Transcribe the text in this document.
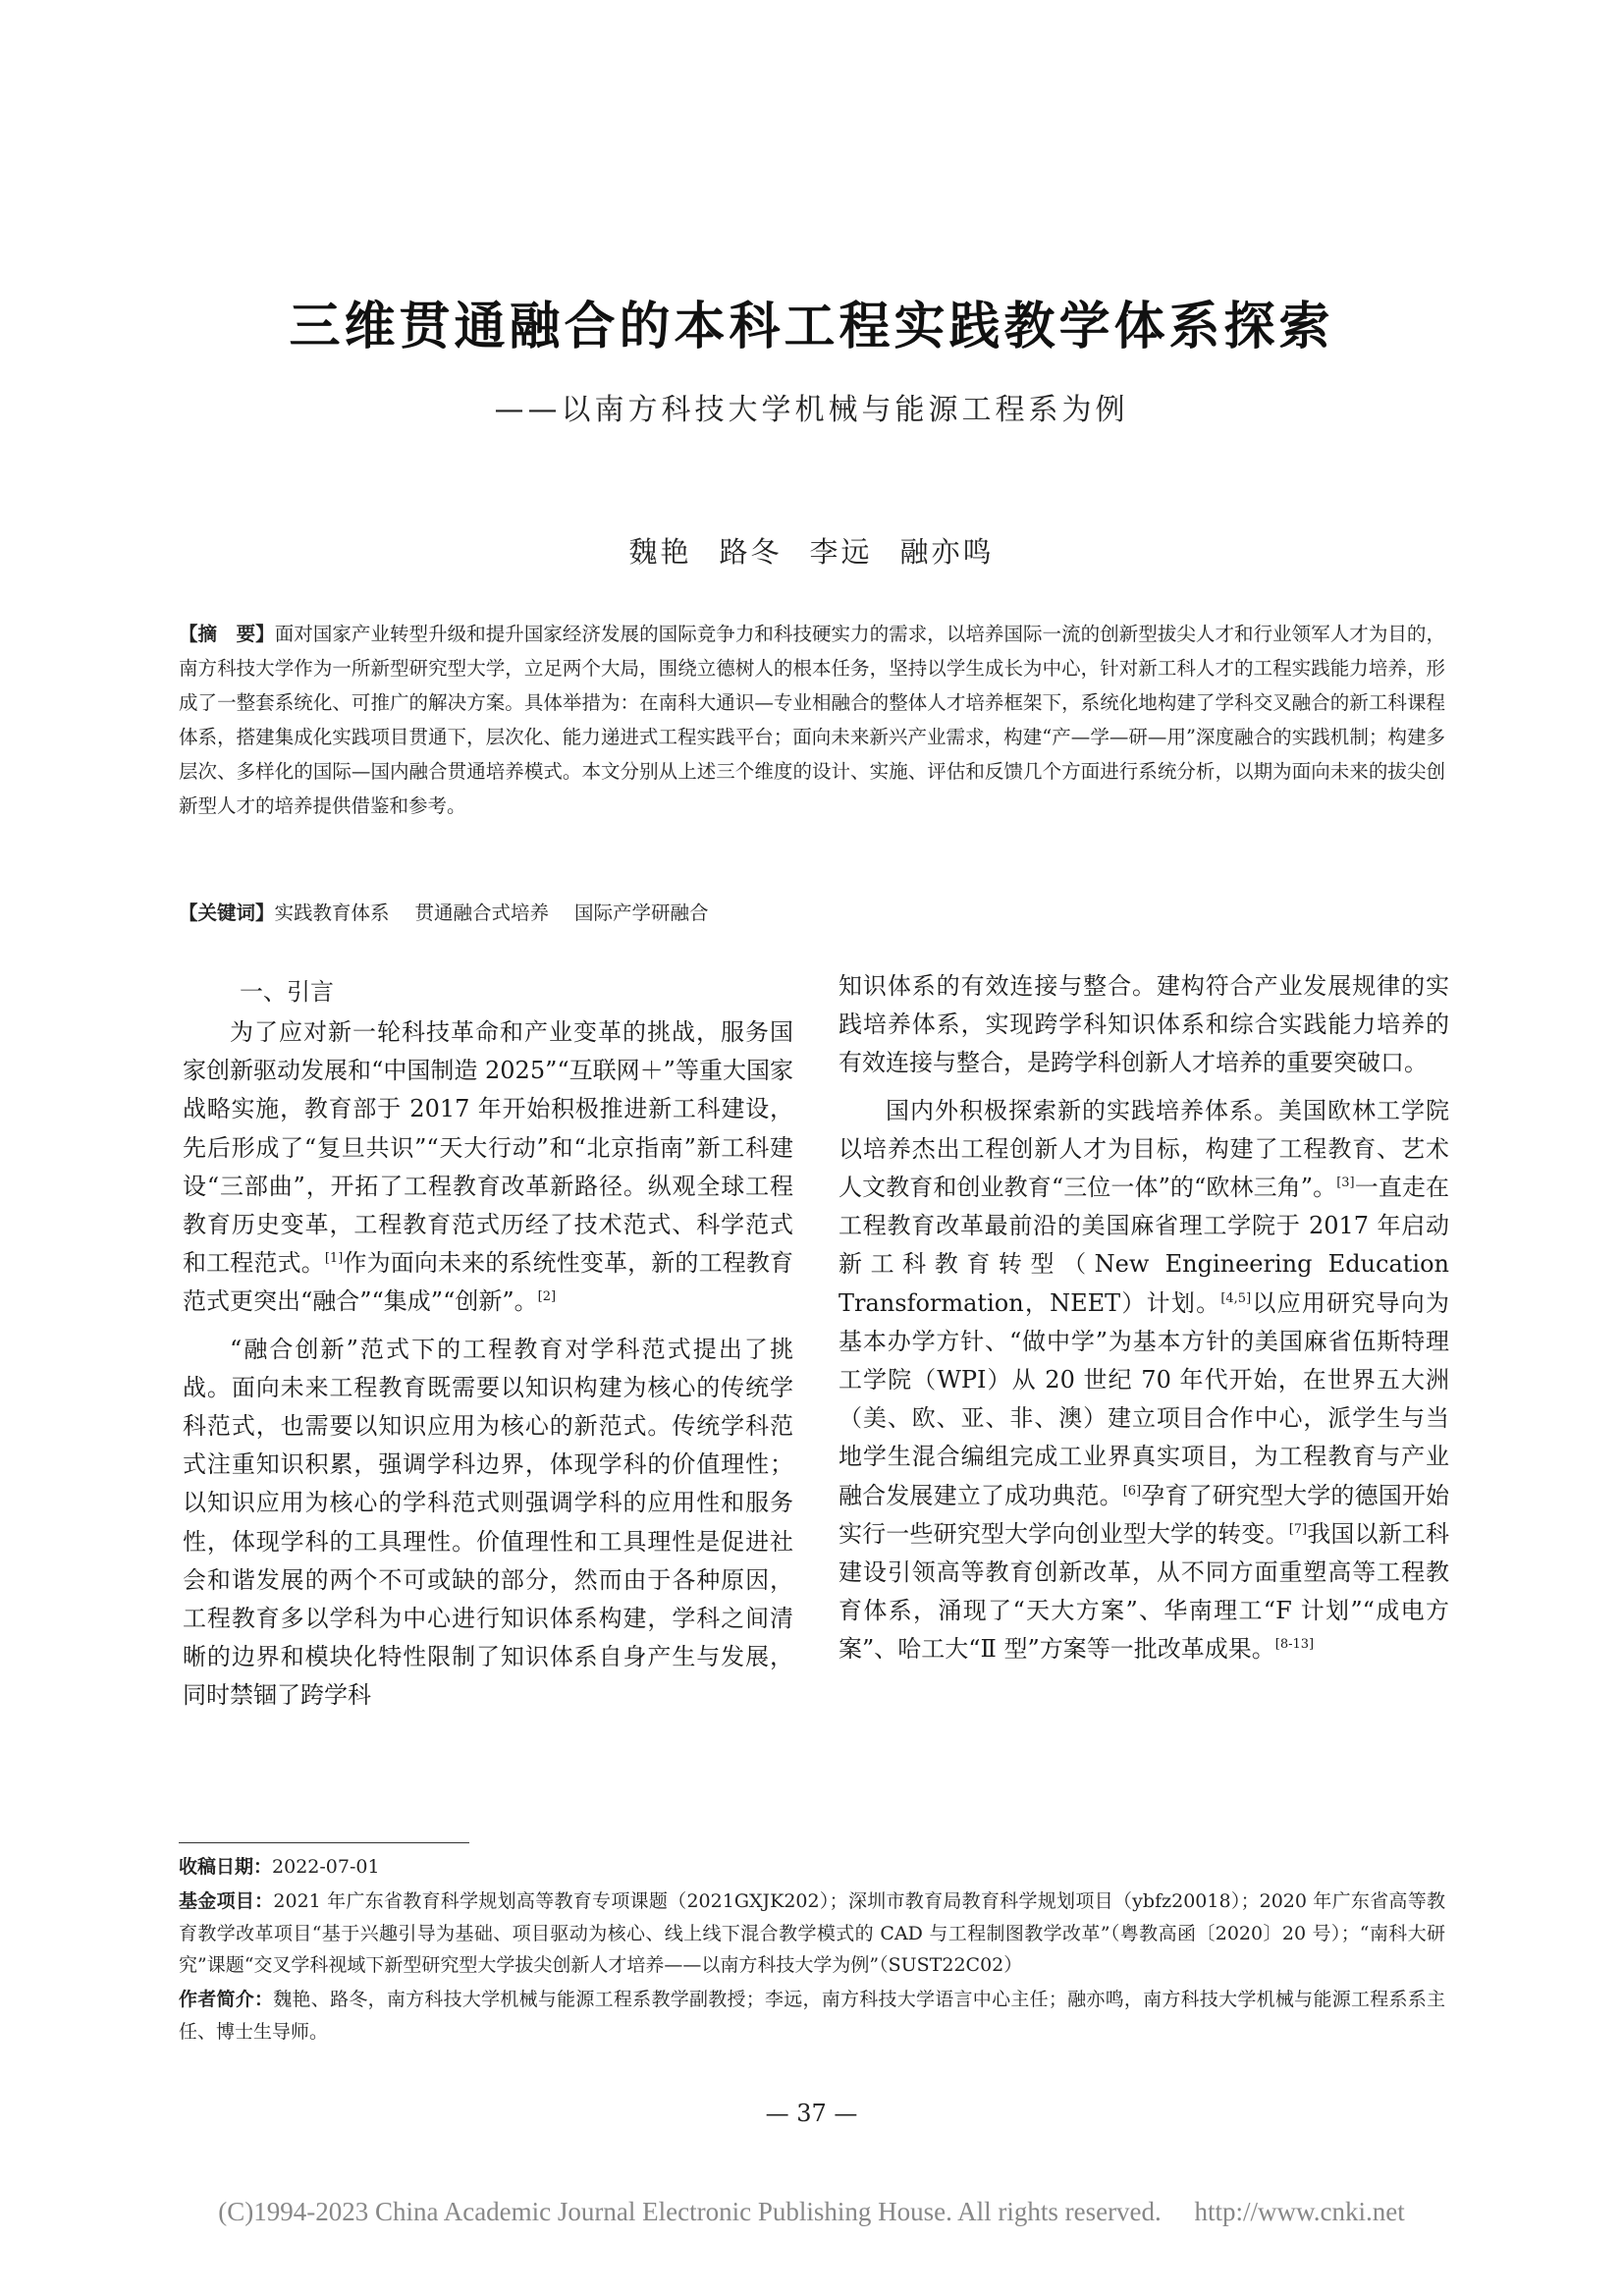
三维贯通融合的本科工程实践教学体系探索
——以南方科技大学机械与能源工程系为例
魏艳 路冬 李远 融亦鸣
【摘　要】面对国家产业转型升级和提升国家经济发展的国际竞争力和科技硬实力的需求，以培养国际一流的创新型拔尖人才和行业领军人才为目的，南方科技大学作为一所新型研究型大学，立足两个大局，围绕立德树人的根本任务，坚持以学生成长为中心，针对新工科人才的工程实践能力培养，形成了一整套系统化、可推广的解决方案。具体举措为：在南科大通识—专业相融合的整体人才培养框架下，系统化地构建了学科交叉融合的新工科课程体系，搭建集成化实践项目贯通下，层次化、能力递进式工程实践平台；面向未来新兴产业需求，构建“产—学—研—用”深度融合的实践机制；构建多层次、多样化的国际—国内融合贯通培养模式。本文分别从上述三个维度的设计、实施、评估和反馈几个方面进行系统分析，以期为面向未来的拔尖创新型人才的培养提供借鉴和参考。
【关键词】实践教育体系 贯通融合式培养 国际产学研融合
一、引言

为了应对新一轮科技革命和产业变革的挑战，服务国家创新驱动发展和“中国制造 2025”“互联网＋”等重大国家战略实施，教育部于 2017 年开始积极推进新工科建设，先后形成了“复旦共识”“天大行动”和“北京指南”新工科建设“三部曲”，开拓了工程教育改革新路径。纵观全球工程教育历史变革，工程教育范式历经了技术范式、科学范式和工程范式。[1]作为面向未来的系统性变革，新的工程教育范式更突出“融合”“集成”“创新”。[2]

“融合创新”范式下的工程教育对学科范式提出了挑战。面向未来工程教育既需要以知识构建为核心的传统学科范式，也需要以知识应用为核心的新范式。传统学科范式注重知识积累，强调学科边界，体现学科的价值理性；以知识应用为核心的学科范式则强调学科的应用性和服务性，体现学科的工具理性。价值理性和工具理性是促进社会和谐发展的两个不可或缺的部分，然而由于各种原因，工程教育多以学科为中心进行知识体系构建，学科之间清晰的边界和模块化特性限制了知识体系自身产生与发展，同时禁锢了跨学科

知识体系的有效连接与整合。建构符合产业发展规律的实践培养体系，实现跨学科知识体系和综合实践能力培养的有效连接与整合，是跨学科创新人才培养的重要突破口。

国内外积极探索新的实践培养体系。美国欧林工学院以培养杰出工程创新人才为目标，构建了工程教育、艺术人文教育和创业教育“三位一体”的“欧林三角”。[3]一直走在工程教育改革最前沿的美国麻省理工学院于 2017 年启动新工科教育转型（New Engineering Education Transformation，NEET）计划。[4,5]以应用研究导向为基本办学方针、“做中学”为基本方针的美国麻省伍斯特理工学院（WPI）从 20 世纪 70 年代开始，在世界五大洲（美、欧、亚、非、澳）建立项目合作中心，派学生与当地学生混合编组完成工业界真实项目，为工程教育与产业融合发展建立了成功典范。[6]孕育了研究型大学的德国开始实行一些研究型大学向创业型大学的转变。[7]我国以新工科建设引领高等教育创新改革，从不同方面重塑高等工程教育体系，涌现了“天大方案”、华南理工“F 计划”“成电方案”、哈工大“Ⅱ 型”方案等一批改革成果。[8-13]

收稿日期：2022-07-01

基金项目：2021 年广东省教育科学规划高等教育专项课题（2021GXJK202）；深圳市教育局教育科学规划项目（ybfz20018）；2020 年广东省高等教育教学改革项目“基于兴趣引导为基础、项目驱动为核心、线上线下混合教学模式的 CAD 与工程制图教学改革”（粤教高函〔2020〕20 号）；“南科大研究”课题“交叉学科视域下新型研究型大学拔尖创新人才培养——以南方科技大学为例”（SUST22C02）

作者简介：魏艳、路冬，南方科技大学机械与能源工程系教学副教授；李远，南方科技大学语言中心主任；融亦鸣，南方科技大学机械与能源工程系系主任、博士生导师。

— 37 —
(C)1994-2023 China Academic Journal Electronic Publishing House. All rights reserved.　 http://www.cnki.net
